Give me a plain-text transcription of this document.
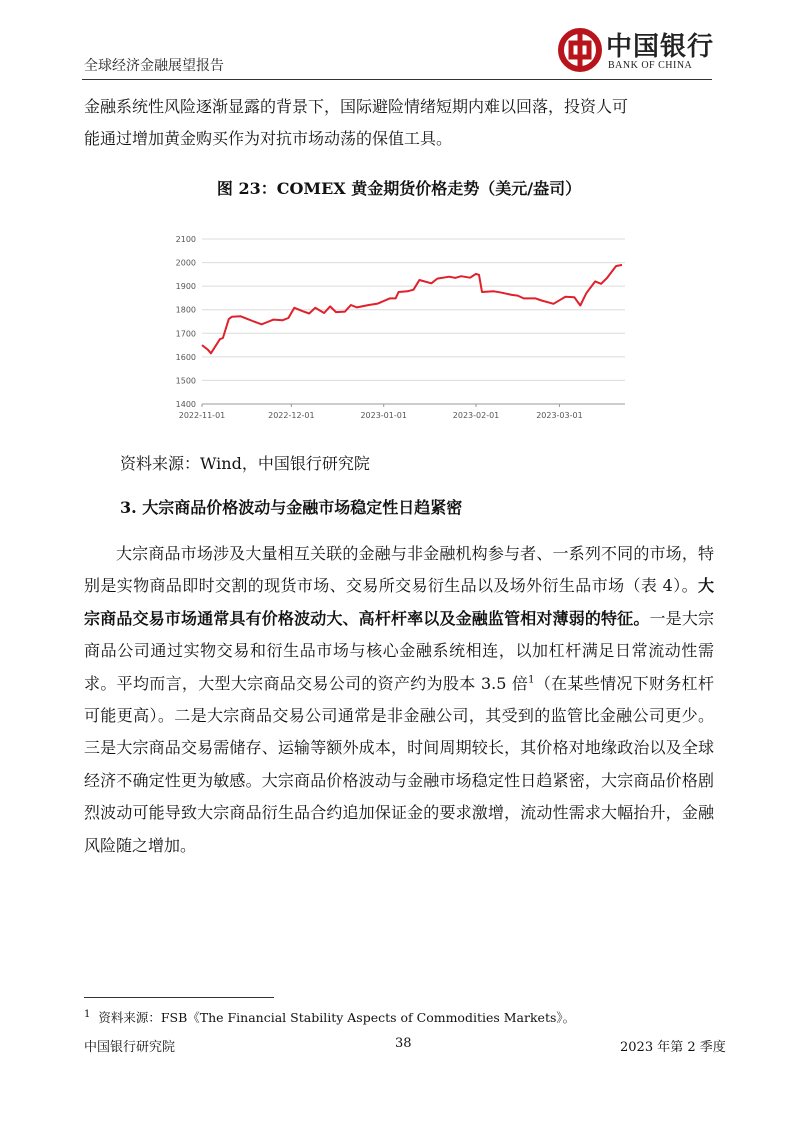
全球经济金融展望报告
中国银行
BANK OF CHINA

金融系统性风险逐渐显露的背景下，国际避险情绪短期内难以回落，投资人可

能通过增加黄金购买作为对抗市场动荡的保值工具。

图 23：COMEX 黄金期货价格走势（美元/盎司）
1400
1500
1600
1700
1800
1900
2000
2100
2022-11-01	2022-12-01	2023-01-01	2023-02-01	2023-03-01
资料来源：Wind，中国银行研究院
3. 大宗商品价格波动与金融市场稳定性日趋紧密

大宗商品市场涉及大量相互关联的金融与非金融机构参与者、一系列不同的市场，特别是实物商品即时交割的现货市场、交易所交易衍生品以及场外衍生品市场（表 4）。大宗商品交易市场通常具有价格波动大、高杆杆率以及金融监管相对薄弱的特征。一是大宗商品公司通过实物交易和衍生品市场与核心金融系统相连，以加杠杆满足日常流动性需求。平均而言，大型大宗商品交易公司的资产约为股本 3.5 倍$^1$（在某些情况下财务杠杆可能更高）。二是大宗商品交易公司通常是非金融公司，其受到的监管比金融公司更少。三是大宗商品交易需储存、运输等额外成本，时间周期较长，其价格对地缘政治以及全球经济不确定性更为敏感。大宗商品价格波动与金融市场稳定性日趋紧密，大宗商品价格剧烈波动可能导致大宗商品衍生品合约追加保证金的要求激增，流动性需求大幅抬升，金融风险随之增加。

$^1$ 资料来源：FSB《The Financial Stability Aspects of Commodities Markets》。
中国银行研究院	38	2023 年第 2 季度
